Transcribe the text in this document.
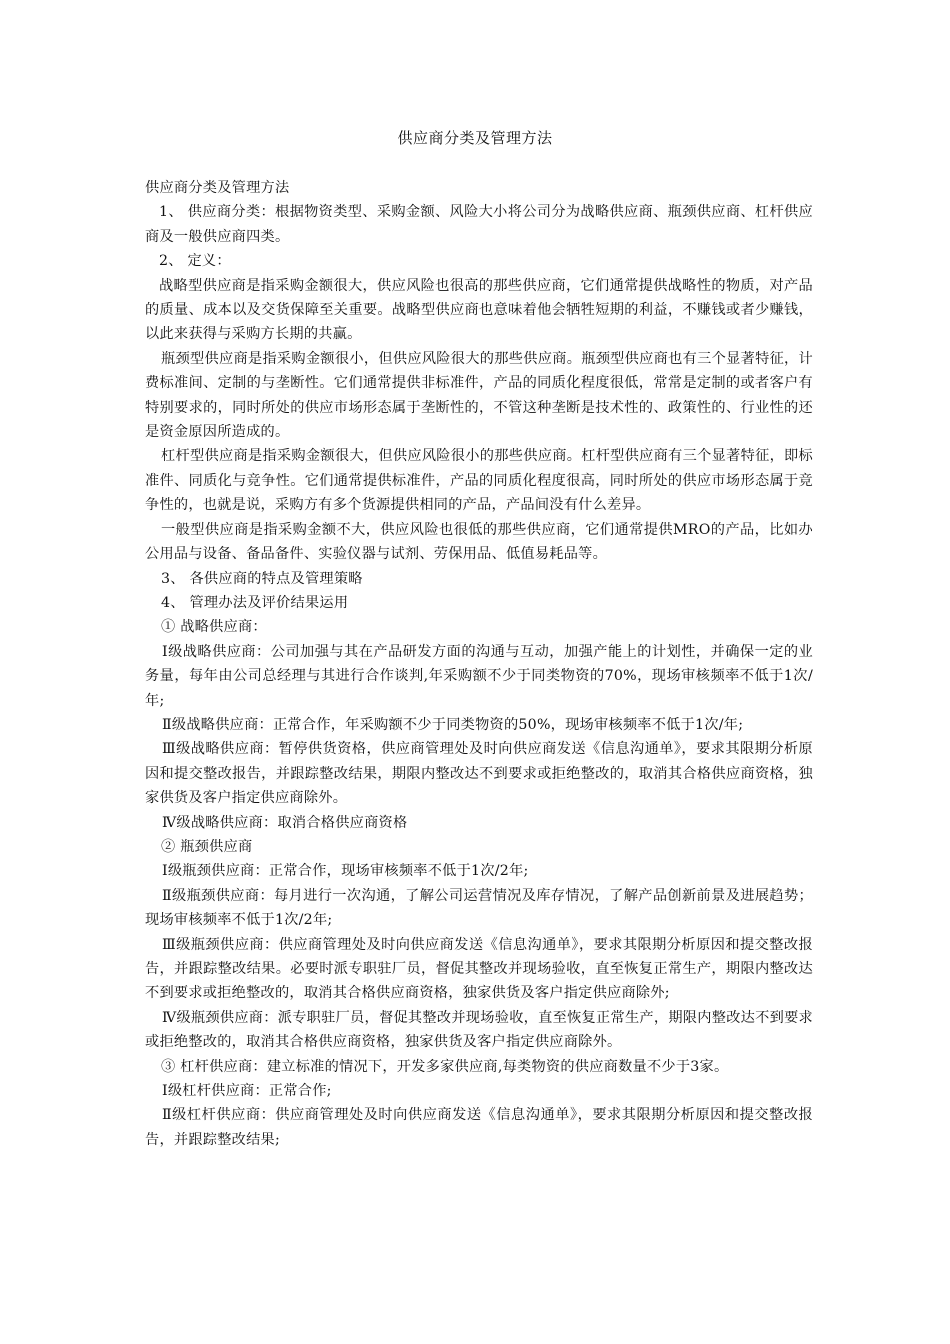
供应商分类及管理方法

供应商分类及管理方法

1、 供应商分类：根据物资类型、采购金额、风险大小将公司分为战略供应商、瓶颈供应商、杠杆供应商及一般供应商四类。

2、 定义：

战略型供应商是指采购金额很大，供应风险也很高的那些供应商，它们通常提供战略性的物质，对产品的质量、成本以及交货保障至关重要。战略型供应商也意味着他会牺牲短期的利益，不赚钱或者少赚钱，以此来获得与采购方长期的共赢。

瓶颈型供应商是指采购金额很小，但供应风险很大的那些供应商。瓶颈型供应商也有三个显著特征，计费标准间、定制的与垄断性。它们通常提供非标准件，产品的同质化程度很低，常常是定制的或者客户有特别要求的，同时所处的供应市场形态属于垄断性的，不管这种垄断是技术性的、政策性的、行业性的还是资金原因所造成的。

杠杆型供应商是指采购金额很大，但供应风险很小的那些供应商。杠杆型供应商有三个显著特征，即标准件、同质化与竞争性。它们通常提供标准件，产品的同质化程度很高，同时所处的供应市场形态属于竞争性的，也就是说，采购方有多个货源提供相同的产品，产品间没有什么差异。

一般型供应商是指采购金额不大，供应风险也很低的那些供应商，它们通常提供MRO的产品，比如办公用品与设备、备品备件、实验仪器与试剂、劳保用品、低值易耗品等。

3、 各供应商的特点及管理策略

4、 管理办法及评价结果运用

① 战略供应商：

Ⅰ级战略供应商：公司加强与其在产品研发方面的沟通与互动，加强产能上的计划性，并确保一定的业务量，每年由公司总经理与其进行合作谈判,年采购额不少于同类物资的70%，现场审核频率不低于1次/年;

Ⅱ级战略供应商：正常合作，年采购额不少于同类物资的50%，现场审核频率不低于1次/年;

Ⅲ级战略供应商：暂停供货资格，供应商管理处及时向供应商发送《信息沟通单》，要求其限期分析原因和提交整改报告，并跟踪整改结果，期限内整改达不到要求或拒绝整改的，取消其合格供应商资格，独家供货及客户指定供应商除外。

Ⅳ级战略供应商：取消合格供应商资格

② 瓶颈供应商

Ⅰ级瓶颈供应商：正常合作，现场审核频率不低于1次/2年;

Ⅱ级瓶颈供应商：每月进行一次沟通，了解公司运营情况及库存情况，了解产品创新前景及进展趋势；现场审核频率不低于1次/2年;

Ⅲ级瓶颈供应商：供应商管理处及时向供应商发送《信息沟通单》，要求其限期分析原因和提交整改报告，并跟踪整改结果。必要时派专职驻厂员，督促其整改并现场验收，直至恢复正常生产，期限内整改达不到要求或拒绝整改的，取消其合格供应商资格，独家供货及客户指定供应商除外;

Ⅳ级瓶颈供应商：派专职驻厂员，督促其整改并现场验收，直至恢复正常生产，期限内整改达不到要求或拒绝整改的，取消其合格供应商资格，独家供货及客户指定供应商除外。

③ 杠杆供应商：建立标准的情况下，开发多家供应商,每类物资的供应商数量不少于3家。

Ⅰ级杠杆供应商：正常合作;

Ⅱ级杠杆供应商：供应商管理处及时向供应商发送《信息沟通单》，要求其限期分析原因和提交整改报告，并跟踪整改结果;
